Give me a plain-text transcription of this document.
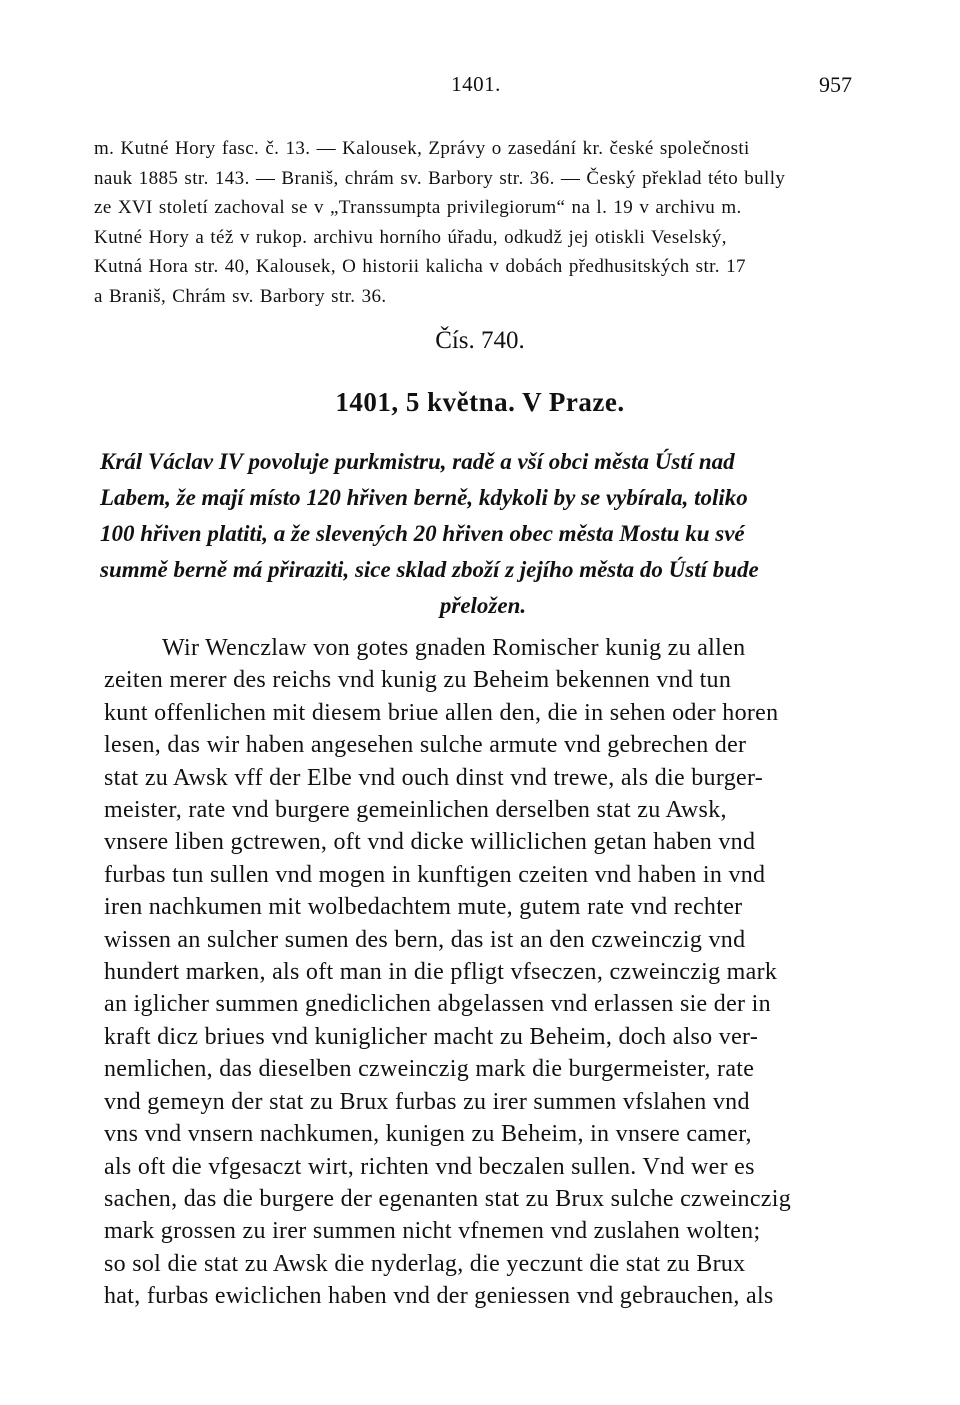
1401.	957
m. Kutné Hory fasc. č. 13. — Kalousek, Zprávy o zasedání kr. české společnosti
nauk 1885 str. 143. — Braniš, chrám sv. Barbory str. 36. — Český překlad této bully
ze XVI století zachoval se v „Transsumpta privilegiorum“ na l. 19 v archivu m.
Kutné Hory a též v rukop. archivu horního úřadu, odkudž jej otiskli Veselský,
Kutná Hora str. 40, Kalousek, O historii kalicha v dobách předhusitských str. 17
a Braniš, Chrám sv. Barbory str. 36.
Čís. 740.
1401, 5 května. V Praze.
Král Václav IV povoluje purkmistru, radě a vší obci města Ústí nad
Labem, že mají místo 120 hřiven berně, kdykoli by se vybírala, toliko
100 hřiven platiti, a že slevených 20 hřiven obec města Mostu ku své
summě berně má přiraziti, sice sklad zboží z jejího města do Ústí bude
přeložen.
Wir Wenczlaw von gotes gnaden Romischer kunig zu allen
zeiten merer des reichs vnd kunig zu Beheim bekennen vnd tun
kunt offenlichen mit diesem briue allen den, die in sehen oder horen
lesen, das wir haben angesehen sulche armute vnd gebrechen der
stat zu Awsk vff der Elbe vnd ouch dinst vnd trewe, als die burger-
meister, rate vnd burgere gemeinlichen derselben stat zu Awsk,
vnsere liben gctrewen, oft vnd dicke williclichen getan haben vnd
furbas tun sullen vnd mogen in kunftigen czeiten vnd haben in vnd
iren nachkumen mit wolbedachtem mute, gutem rate vnd rechter
wissen an sulcher sumen des bern, das ist an den czweinczig vnd
hundert marken, als oft man in die pfligt vfseczen, czweinczig mark
an iglicher summen gnediclichen abgelassen vnd erlassen sie der in
kraft dicz briues vnd kuniglicher macht zu Beheim, doch also ver-
nemlichen, das dieselben czweinczig mark die burgermeister, rate
vnd gemeyn der stat zu Brux furbas zu irer summen vfslahen vnd
vns vnd vnsern nachkumen, kunigen zu Beheim, in vnsere camer,
als oft die vfgesaczt wirt, richten vnd beczalen sullen. Vnd wer es
sachen, das die burgere der egenanten stat zu Brux sulche czweinczig
mark grossen zu irer summen nicht vfnemen vnd zuslahen wolten;
so sol die stat zu Awsk die nyderlag, die yeczunt die stat zu Brux
hat, furbas ewiclichen haben vnd der geniessen vnd gebrauchen, als
